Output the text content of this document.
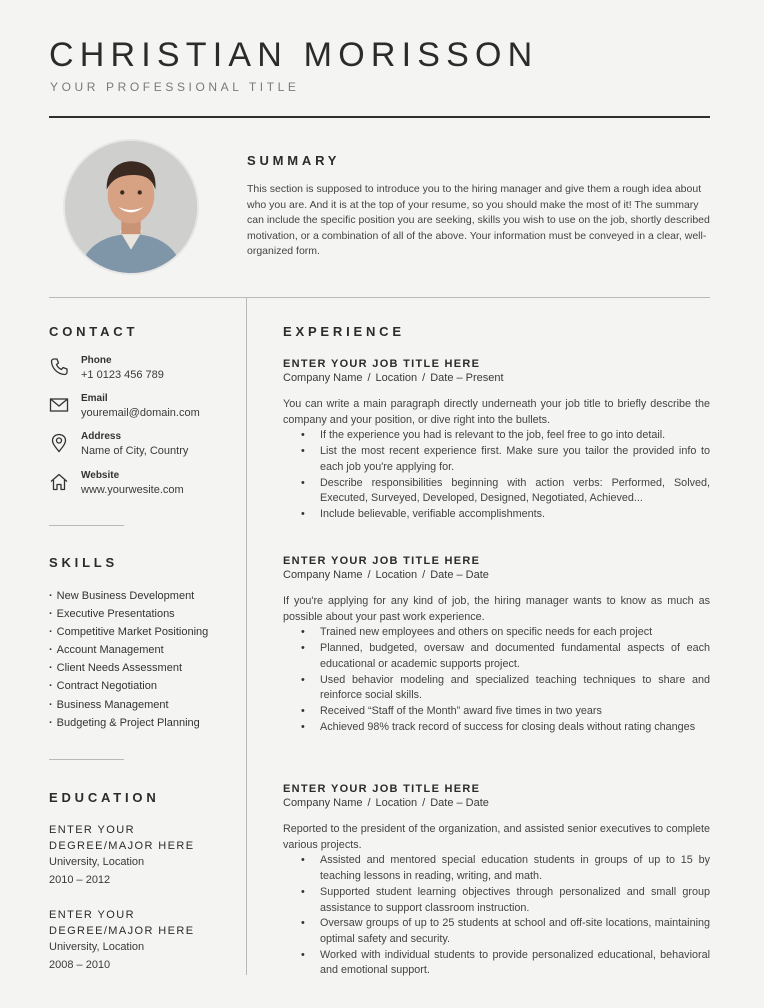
CHRISTIAN MORISSON
YOUR PROFESSIONAL TITLE
SUMMARY
This section is supposed to introduce you to the hiring manager and give them a rough idea about who you are. And it is at the top of your resume, so you should make the most of it! The summary can include the specific position you are seeking, skills you wish to use on the job, shortly described motivation, or a combination of all of the above. Your information must be conveyed in a clear, well-organized form.
CONTACT
Phone
+1 0123 456 789
Email
youremail@domain.com
Address
Name of City, Country
Website
www.yourwesite.com
SKILLS
· New Business Development
· Executive Presentations
· Competitive Market Positioning
· Account Management
· Client Needs Assessment
· Contract Negotiation
· Business Management
· Budgeting & Project Planning
EDUCATION
ENTER YOUR
DEGREE/MAJOR HERE
University, Location
2010 – 2012
ENTER YOUR
DEGREE/MAJOR HERE
University, Location
2008 – 2010
EXPERIENCE
ENTER YOUR JOB TITLE HERE
Company Name / Location / Date – Present
You can write a main paragraph directly underneath your job title to briefly describe the company and your position, or dive right into the bullets.
• If the experience you had is relevant to the job, feel free to go into detail.
• List the most recent experience first. Make sure you tailor the provided info to each job you're applying for.
• Describe responsibilities beginning with action verbs: Performed, Solved, Executed, Surveyed, Developed, Designed, Negotiated, Achieved...
• Include believable, verifiable accomplishments.
ENTER YOUR JOB TITLE HERE
Company Name / Location / Date – Date
If you're applying for any kind of job, the hiring manager wants to know as much as possible about your past work experience.
• Trained new employees and others on specific needs for each project
• Planned, budgeted, oversaw and documented fundamental aspects of each educational or academic supports project.
• Used behavior modeling and specialized teaching techniques to share and reinforce social skills.
• Received “Staff of the Month” award five times in two years
• Achieved 98% track record of success for closing deals without rating changes
ENTER YOUR JOB TITLE HERE
Company Name / Location / Date – Date
Reported to the president of the organization, and assisted senior executives to complete various projects.
• Assisted and mentored special education students in groups of up to 15 by teaching lessons in reading, writing, and math.
• Supported student learning objectives through personalized and small group assistance to support classroom instruction.
• Oversaw groups of up to 25 students at school and off-site locations, maintaining optimal safety and security.
• Worked with individual students to provide personalized educational, behavioral and emotional support.
